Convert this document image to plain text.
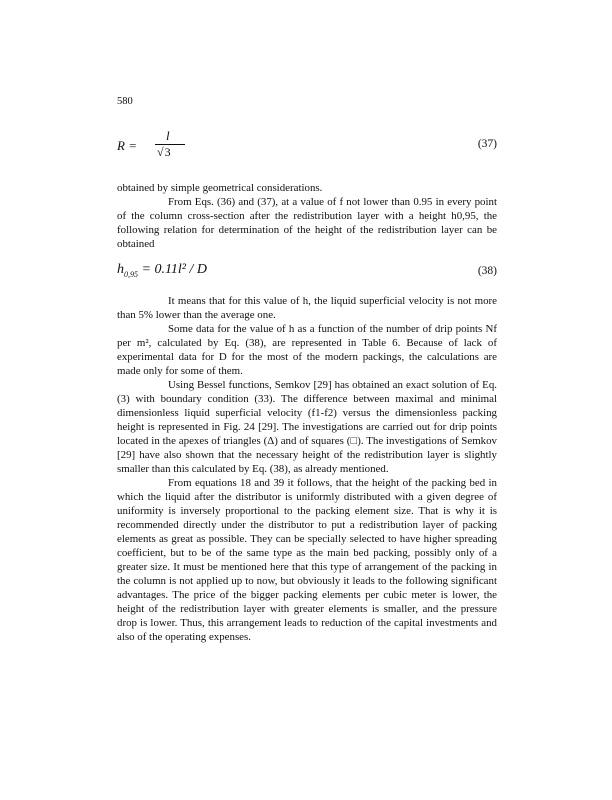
580
R =
l
√3
(37)

obtained by simple geometrical considerations.

From Eqs. (36) and (37), at a value of f not lower than 0.95 in every point of the column cross-section after the redistribution layer with a height h0,95, the following relation for determination of the height of the redistribution layer can be obtained

$h_{0,95} = 0.11l^2 / D$	(38)

It means that for this value of h, the liquid superficial velocity is not more than 5% lower than the average one.

Some data for the value of h as a function of the number of drip points Nf per m², calculated by Eq. (38), are represented in Table 6. Because of lack of experimental data for D for the most of the modern packings, the calculations are made only for some of them.

Using Bessel functions, Semkov [29] has obtained an exact solution of Eq. (3) with boundary condition (33). The difference between maximal and minimal dimensionless liquid superficial velocity (f1-f2) versus the dimensionless packing height is represented in Fig. 24 [29]. The investigations are carried out for drip points located in the apexes of triangles (Δ) and of squares (□). The investigations of Semkov [29] have also shown that the necessary height of the redistribution layer is slightly smaller than this calculated by Eq. (38), as already mentioned.

From equations 18 and 39 it follows, that the height of the packing bed in which the liquid after the distributor is uniformly distributed with a given degree of uniformity is inversely proportional to the packing element size. That is why it is recommended directly under the distributor to put a redistribution layer of packing elements as great as possible. They can be specially selected to have higher spreading coefficient, but to be of the same type as the main bed packing, possibly only of a greater size. It must be mentioned here that this type of arrangement of the packing in the column is not applied up to now, but obviously it leads to the following significant advantages. The price of the bigger packing elements per cubic meter is lower, the height of the redistribution layer with greater elements is smaller, and the pressure drop is lower. Thus, this arrangement leads to reduction of the capital investments and also of the operating expenses.
